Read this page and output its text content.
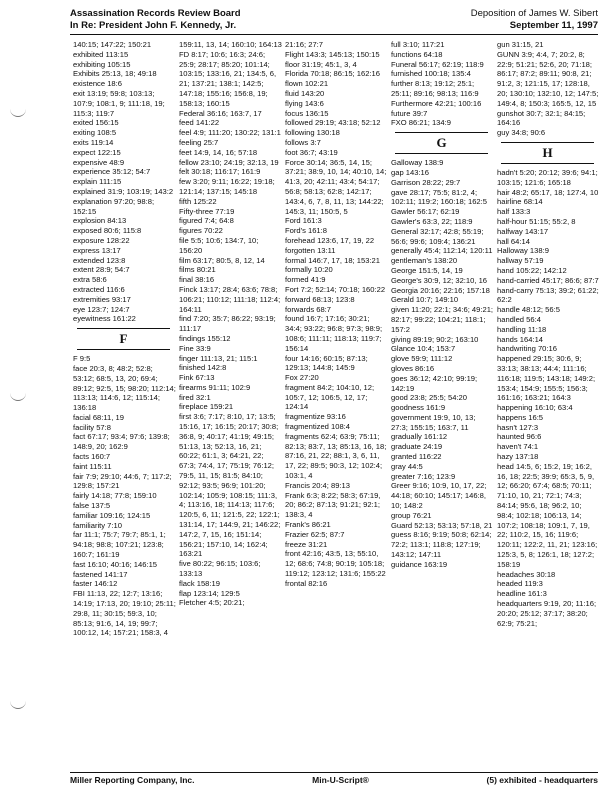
Assassination Records Review Board
In Re: President John F. Kennedy, Jr.
Deposition of James W. Sibert
September 11, 1997
140:15; 147:22; 150:21
exhibited 113:15
exhibiting 105:15
Exhibits 25:13, 18; 49:18
existence 18:6
exit 13:19; 59:8; 103:13; 107:9; 108:1, 9; 111:18, 19; 115:3; 119:7
exited 156:15
exiting 108:5
exits 119:14
expect 122:15
expensive 48:9
experience 35:12; 54:7
explain 111:15
explained 31:9; 103:19; 143:2
explanation 97:20; 98:8; 152:15
explosion 84:13
exposed 80:6; 115:8
exposure 128:22
express 13:17
extended 123:8
extent 28:9; 54:7
extra 58:6
extracted 116:6
extremities 93:17
eye 123:7; 124:7
eyewitness 161:22
F
F 9:5
face 20:3, 8; 48:2; 52:8; 53:12; 68:5, 13, 20; 69:4; 89:12; 92:5, 15; 98:20; 112:14; 113:13; 114:6, 12; 115:14; 136:18
facial 68:11, 19
facility 57:8
fact 67:17; 93:4; 97:6; 139:8; 148:9, 20; 162:9
facts 160:7
faint 115:11
fair 7:9; 29:10; 44:6, 7; 117:2; 129:8; 157:21
fairly 14:18; 77:8; 159:10
false 137:5
familiar 109:16; 124:15
familiarity 7:10
far 11:1; 75:7; 79:7; 85:1, 1; 94:18; 98:8; 107:21; 123:8; 160:7; 161:19
fast 16:10; 40:16; 146:15
fastened 141:17
faster 146:12
FBI 11:13, 22; 12:7; 13:16; 14:19; 17:13, 20; 19:10; 25:11; 29:8, 11; 30:15; 59:3, 10; 85:13; 91:6, 14, 19; 99:7; 100:12, 14; 157:21; 158:3, 4
159:11, 13, 14; 160:10; 164:13
FD 8:17; 10:6; 16:3; 24:6; 25:9; 28:17; 85:20; 101:14; 103:15; 133:16, 21; 134:5, 6, 21; 137:21; 138:1; 142:5; 147:18; 155:16; 156:8, 19; 158:13; 160:15
Federal 36:16; 163:7, 17
feed 141:22
feel 4:9; 111:20; 130:22; 131:1
feeling 25:7
feet 14:9, 14, 16; 57:18
fellow 23:10; 24:19; 32:13, 19
felt 30:18; 116:17; 161:9
few 3:20; 9:11; 16:22; 19:18; 121:14; 137:15; 145:18
fifth 125:22
Fifty-three 77:19
figured 7:4; 64:8
figures 70:22
file 5:5; 10:6; 134:7, 10; 156:20
film 63:17; 80:5, 8, 12, 14
films 80:21
final 38:16
Finck 13:17; 28:4; 63:6; 78:8; 106:21; 110:12; 111:18; 112:4; 164:11
find 7:20; 35:7; 86:22; 93:19; 111:17
findings 155:12
Fine 33:9
finger 111:13, 21; 115:1
finished 142:8
Fink 67:13
firearms 91:11; 102:9
fired 32:1
fireplace 159:21
first 3:6; 7:17; 8:10, 17; 13:5; 15:16, 17; 16:15; 20:17; 30:8; 36:8, 9; 40:17; 41:19; 49:15; 51:13, 13; 52:13, 16, 21; 60:22; 61:1, 3; 64:21, 22; 67:3; 74:4, 17; 75:19; 76:12; 79:5, 11, 15; 81:5; 84:10; 92:12; 93:5; 96:9; 101:20; 102:14; 105:9; 108:15; 111:3, 4; 113:16, 18; 114:13; 117:6; 120:5, 6, 11; 121:5, 22; 122:1; 131:14, 17; 144:9, 21; 146:22; 147:2, 7, 15, 16; 151:14; 156:21; 157:10, 14; 162:4; 163:21
five 80:22; 96:15; 103:6; 133:13
flack 158:19
flap 123:14; 129:5
Fletcher 4:5; 20:21;
21:16; 27:7
Flight 143:3; 145:13; 150:15
floor 31:19; 45:1, 3, 4
Florida 70:18; 86:15; 162:16
flown 102:21
fluid 143:20
flying 143:6
focus 136:15
followed 29:19; 43:18; 52:12
following 130:18
follows 3:7
foot 36:7; 43:19
Force 30:14; 36:5, 14, 15; 37:21; 38:9, 10, 14; 40:10, 14; 41:3, 20; 42:11; 43:4; 54:17; 56:8; 58:13; 62:8; 142:17; 143:4, 6, 7, 8, 11, 13; 144:22; 145:3, 11; 150:5, 5
Ford 161:3
Ford's 161:8
forehead 123:6, 17, 19, 22
forgotten 13:11
formal 146:7, 17, 18; 153:21
formally 10:20
formed 41:9
Fort 7:2; 52:14; 70:18; 160:22
forward 68:13; 123:8
forwards 68:7
found 16:7; 17:16; 30:21; 34:4; 93:22; 96:8; 97:3; 98:9; 108:6; 111:11; 118:13; 119:7; 156:14
four 14:16; 60:15; 87:13; 129:13; 144:8; 145:9
Fox 27:20
fragment 84:2; 104:10, 12; 105:7, 12; 106:5, 12, 17; 124:14
fragmentize 93:16
fragmentized 108:4
fragments 62:4; 63:9; 75:11; 82:13; 83:7, 13; 85:13, 16, 18; 87:16, 21, 22; 88:1, 3, 6, 11, 17, 22; 89:5; 90:3, 12; 102:4; 103:1, 4
Francis 20:4; 89:13
Frank 6:3; 8:22; 58:3; 67:19, 20; 86:2; 87:13; 91:21; 92:1; 138:3, 4
Frank's 86:21
Frazier 62:5; 87:7
freeze 31:21
front 42:16; 43:5, 13; 55:10, 12; 68:6; 74:8; 90:19; 105:18; 119:12; 123:12; 131:6; 155:22
frontal 82:16
full 3:10; 117:21
functions 64:18
Funeral 56:17; 62:19; 118:9
furnished 100:18; 135:4
further 8:13; 19:12; 25:1; 25:11; 89:16; 98:13; 116:9
Furthermore 42:21; 100:16
future 39:7
FXO 86:21; 134:9
G
Galloway 138:9
gap 143:16
Garrison 28:22; 29:7
gave 28:17; 75:5; 81:2, 4; 102:11; 119:2; 160:18; 162:5
Gawler 56:17; 62:19
Gawler's 63:3, 22; 118:9
General 32:17; 42:8; 55:19; 56:6; 99:6; 109:4; 136:21
generally 45:4; 112:14; 120:11
gentleman's 138:20
George 151:5, 14, 19
George's 30:9, 12; 32:10, 16
Georgia 20:16; 22:16; 157:18
Gerald 10:7; 149:10
given 11:20; 22:1; 34:6; 49:21; 82:17; 99:22; 104:21; 118:1; 157:2
giving 89:19; 90:2; 163:10
Glance 10:4; 153:7
glove 59:9; 111:12
gloves 86:16
goes 36:12; 42:10; 99:19; 142:19
good 23:8; 25:5; 54:20
goodness 161:9
government 19:9, 10, 13; 27:3; 155:15; 163:7, 11
gradually 161:12
graduate 24:19
granted 116:22
gray 44:5
greater 7:16; 123:9
Greer 9:16; 10:9, 10, 17, 22; 44:18; 60:10; 145:17; 146:8, 10; 148:2
group 76:21
Guard 52:13; 53:13; 57:18, 21
guess 8:16; 9:19; 50:8; 62:14; 72:2; 113:1; 118:8; 127:19; 143:12; 147:11
guidance 163:19
gun 31:15, 21
GUNN 3:9; 4:4, 7; 20:2, 8; 22:9; 51:21; 52:6, 20; 71:18; 86:17; 87:2; 89:11; 90:8, 21; 91:2, 3; 121:15, 17; 128:18, 20; 130:10; 132:10, 12; 147:5; 149:4, 8; 150:3; 165:5, 12, 15
gunshot 30:7; 32:1; 84:15; 164:16
guy 34:8; 90:6
H
hadn't 5:20; 20:12; 39:6; 94:1; 103:15; 121:6; 165:18
hair 48:2; 65:17, 18; 127:4, 10
hairline 68:14
half 133:3
half-hour 51:15; 55:2, 8
halfway 143:17
hall 64:14
Halloway 138:9
hallway 57:19
hand 105:22; 142:12
hand-carried 45:17; 86:6; 87:7
hand-carry 75:13; 39:2; 61:22; 62:2
handle 48:12; 56:5
handled 56:4
handling 11:18
hands 164:14
handwriting 70:16
happened 29:15; 30:6, 9; 33:13; 38:13; 44:4; 111:16; 116:18; 119:5; 143:18; 149:2; 153:4; 154:9; 155:5; 156:3; 161:16; 163:21; 164:3
happening 16:10; 63:4
happens 16:5
hasn't 127:3
haunted 96:6
haven't 74:1
hazy 137:18
head 14:5, 6; 15:2, 19; 16:2, 16, 18; 22:5; 39:9; 65:3, 5, 9, 12; 66:20; 67:4; 68:5; 70:11; 71:10, 10, 21; 72:1; 74:3; 84:14; 95:6, 18; 96:2, 10; 98:4; 102:18; 106:13, 14; 107:2; 108:18; 109:1, 7, 19, 22; 110:2, 15, 16; 119:6; 120:11; 122:2, 11, 21; 123:16; 125:3, 5, 8; 126:1, 18; 127:2; 158:19
headaches 30:18
headed 119:3
headline 161:3
headquarters 9:19, 20; 11:16; 20:20; 25:12; 37:17; 38:20; 62:9; 75:21;
Miller Reporting Company, Inc.	Min-U-Script®	(5) exhibited - headquarters
